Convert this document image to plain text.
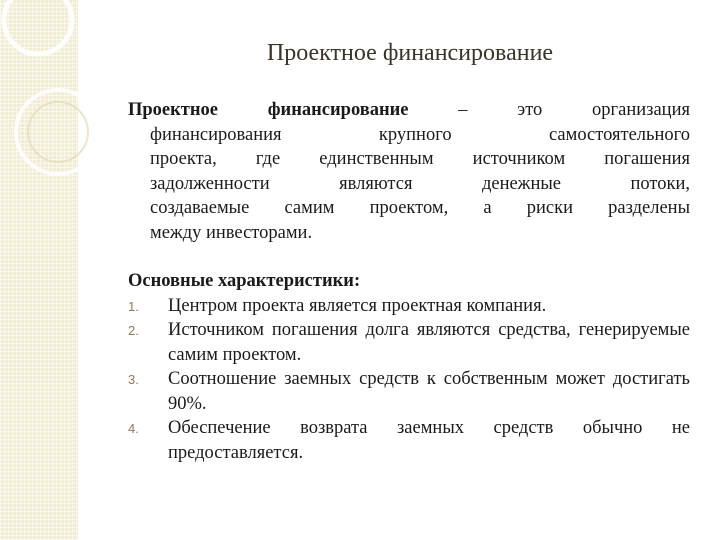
Проектное финансирование
Проектное финансирование – это организация
финансирования крупного самостоятельного
проекта, где единственным источником погашения
задолженности являются денежные потоки,
создаваемые самим проектом, а риски разделены
между инвесторами.

Основные характеристики:

1. Центром проекта является проектная компания.
2. Источником погашения долга являются средства, генерируемые самим проектом.
3. Соотношение заемных средств к собственным может достигать 90%.
4. Обеспечение возврата заемных средств обычно не предоставляется.
